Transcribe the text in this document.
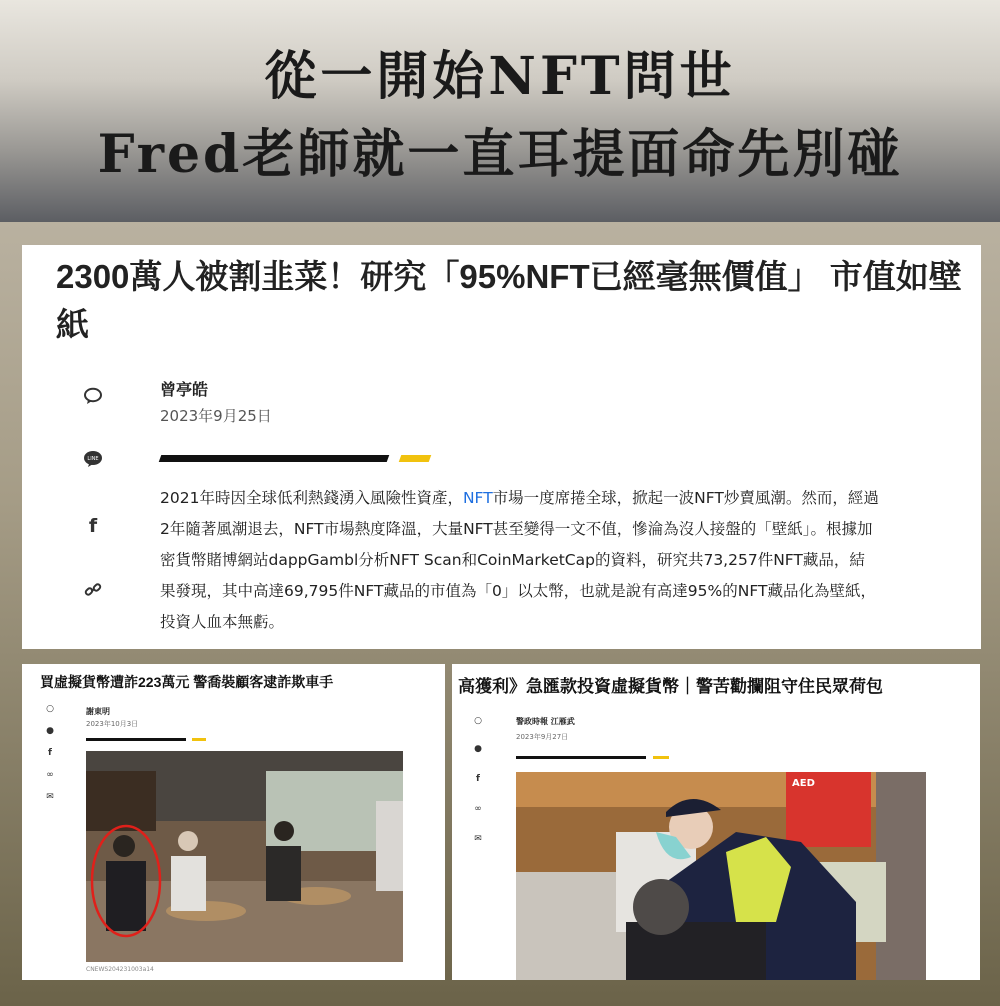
從一開始NFT問世
Fred老師就一直耳提面命先別碰
2300萬人被割韭菜！研究「95%NFT已經毫無價值」 市值如壁紙
LINE
f
曾亭皓
2023年9月25日
2021年時因全球低利熱錢湧入風險性資產，NFT市場一度席捲全球，掀起一波NFT炒賣風潮。然而，經過2年隨著風潮退去，NFT市場熱度降溫，大量NFT甚至變得一文不值，慘淪為沒人接盤的「壁紙」。根據加密貨幣賭博網站dappGambl分析NFT Scan和CoinMarketCap的資料，研究共73,257件NFT藏品，結果發現，其中高達69,795件NFT藏品的市值為「0」以太幣，也就是說有高達95%的NFT藏品化為壁紙，投資人血本無虧。
買虛擬貨幣遭詐223萬元 警喬裝顧客逮詐欺車手
○
●
f
∞
✉
謝東明
2023年10月3日
CNEWS204231003a14
高獲利》急匯款投資虛擬貨幣｜警苦勸攔阻守住民眾荷包
○
●
f
∞
✉
警政時報 江雁武
2023年9月27日
AED
